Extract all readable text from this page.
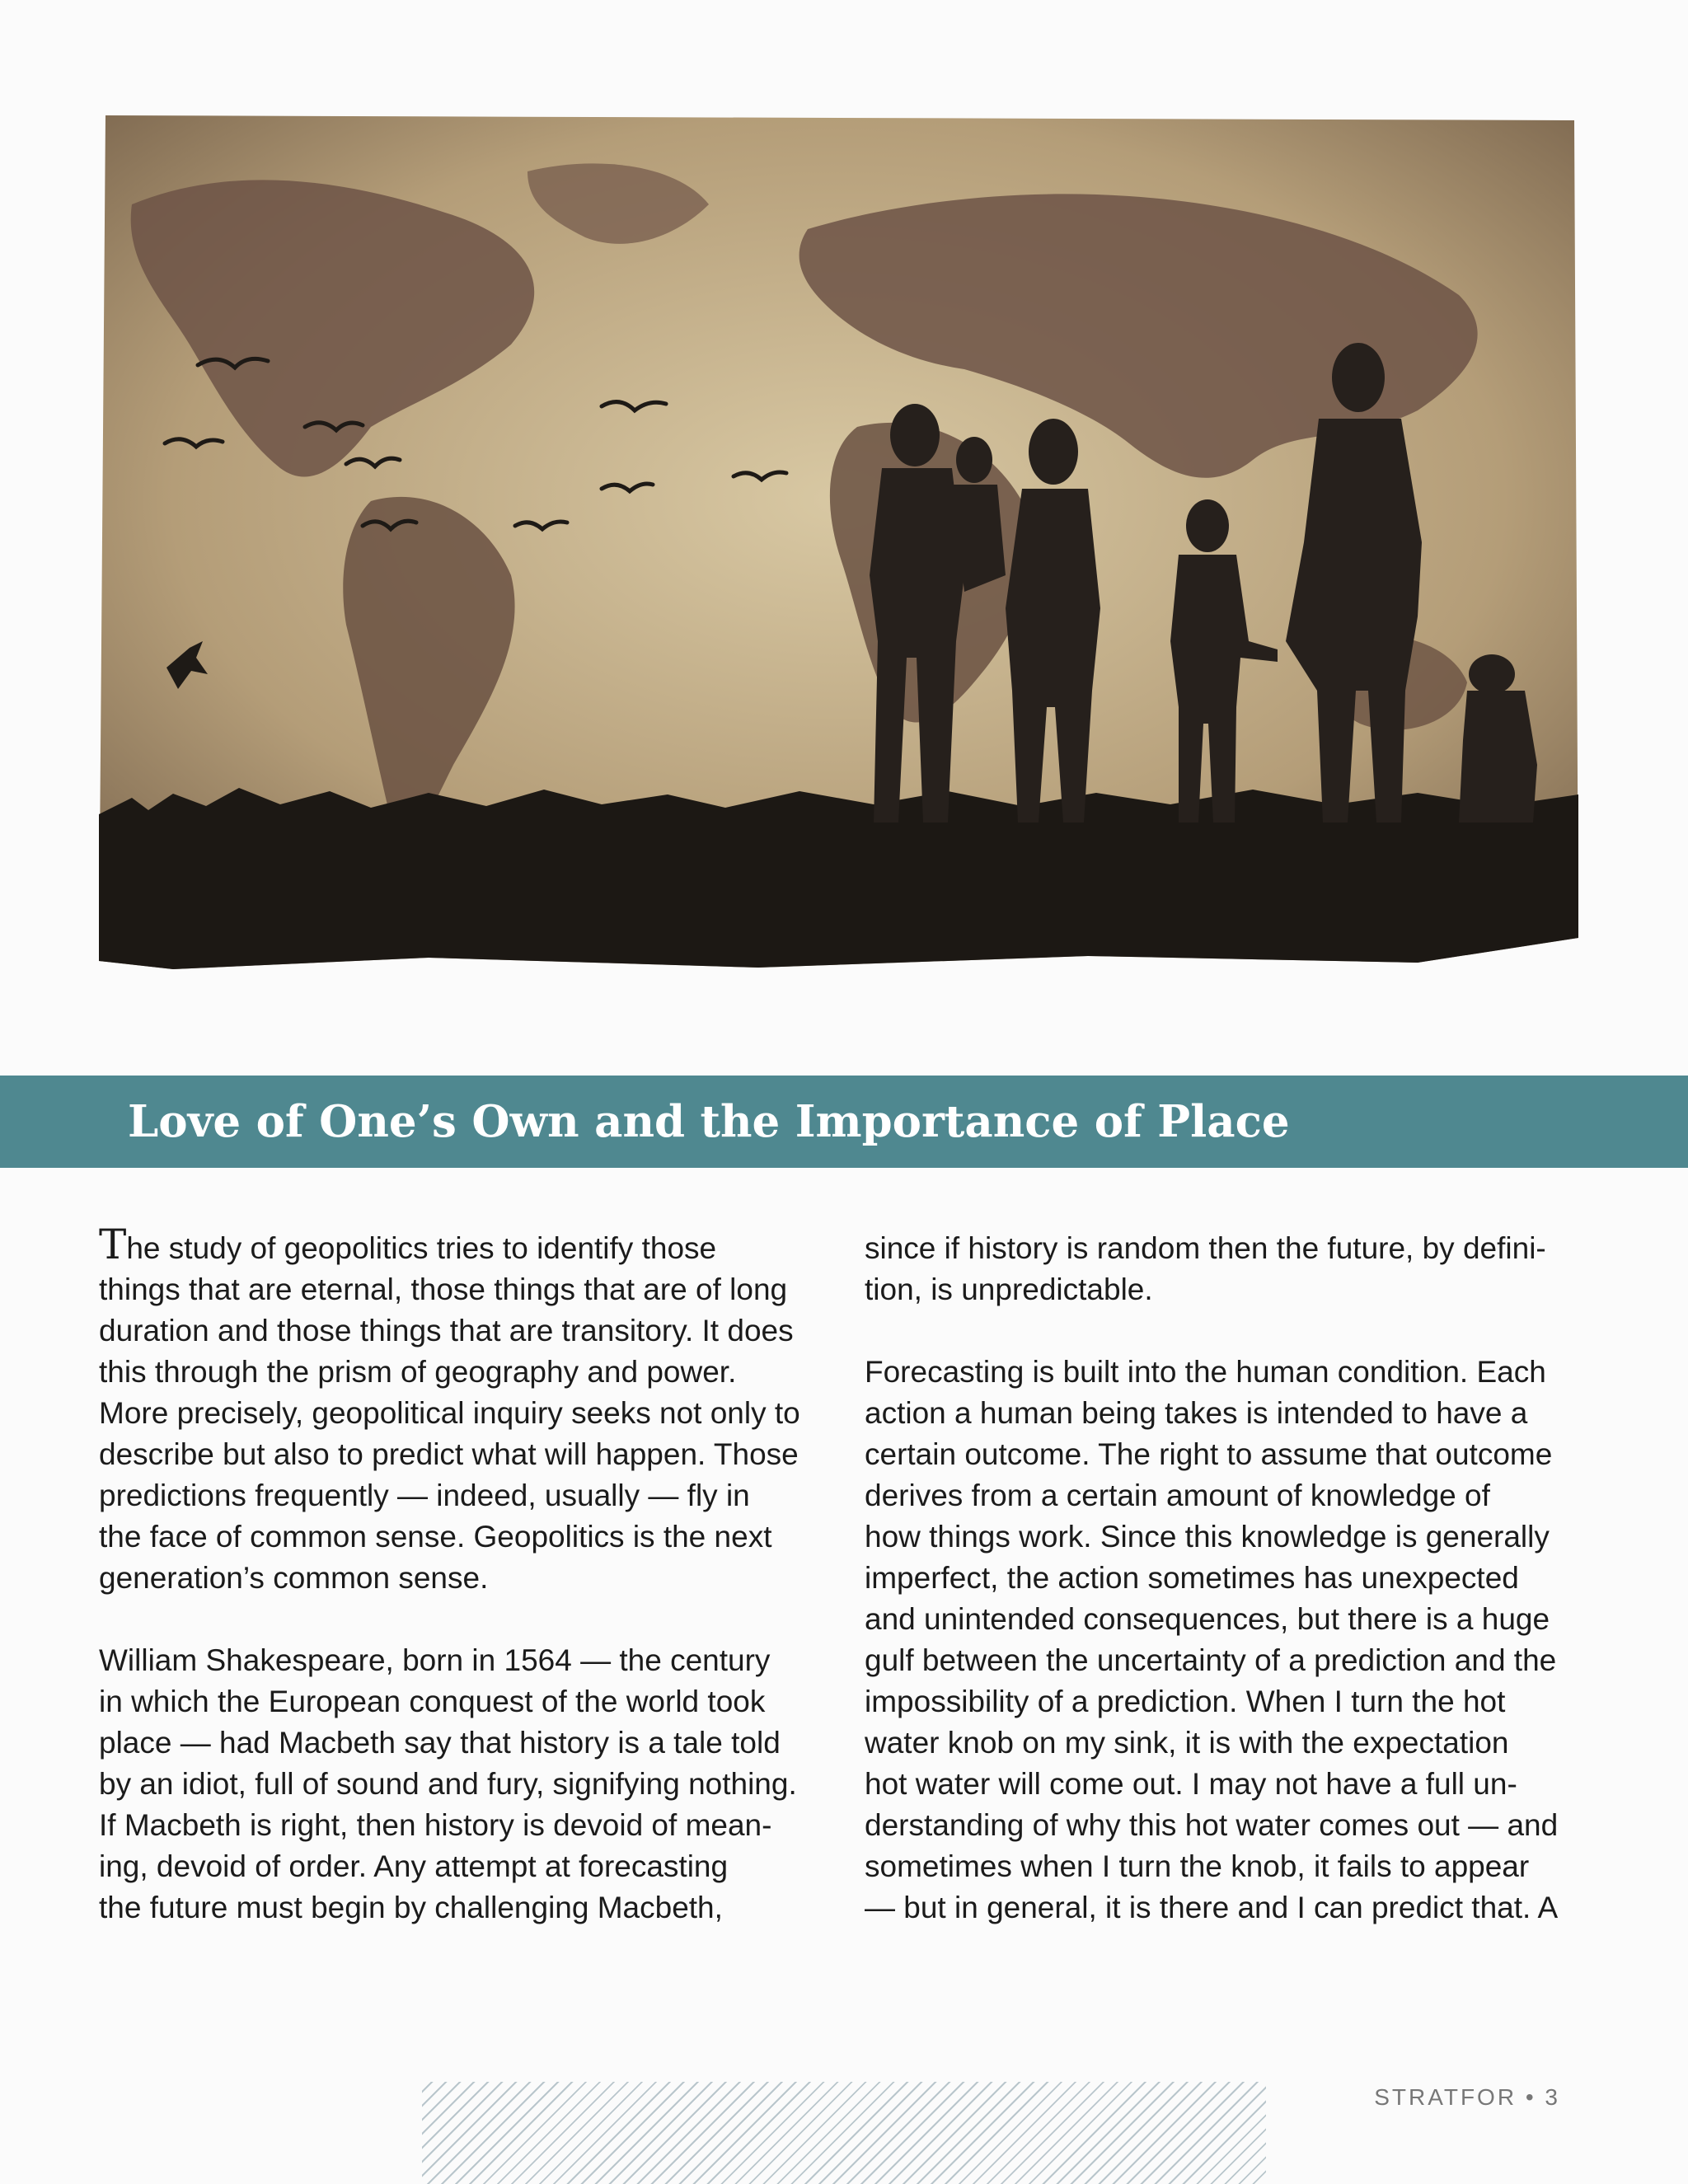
Love of One’s Own and the Importance of Place

The study of geopolitics tries to identify those
things that are eternal, those things that are of long
duration and those things that are transitory. It does
this through the prism of geography and power.
More precisely, geopolitical inquiry seeks not only to
describe but also to predict what will happen. Those
predictions frequently — indeed, usually — fly in
the face of common sense. Geopolitics is the next
generation’s common sense.

William Shakespeare, born in 1564 — the century
in which the European conquest of the world took
place — had Macbeth say that history is a tale told
by an idiot, full of sound and fury, signifying nothing.
If Macbeth is right, then history is devoid of mean-
ing, devoid of order. Any attempt at forecasting
the future must begin by challenging Macbeth,

since if history is random then the future, by defini-
tion, is unpredictable.

Forecasting is built into the human condition. Each
action a human being takes is intended to have a
certain outcome. The right to assume that outcome
derives from a certain amount of knowledge of
how things work. Since this knowledge is generally
imperfect, the action sometimes has unexpected
and unintended consequences, but there is a huge
gulf between the uncertainty of a prediction and the
impossibility of a prediction. When I turn the hot
water knob on my sink, it is with the expectation
hot water will come out. I may not have a full un-
derstanding of why this hot water comes out — and
sometimes when I turn the knob, it fails to appear
— but in general, it is there and I can predict that. A

STRATFOR • 3
